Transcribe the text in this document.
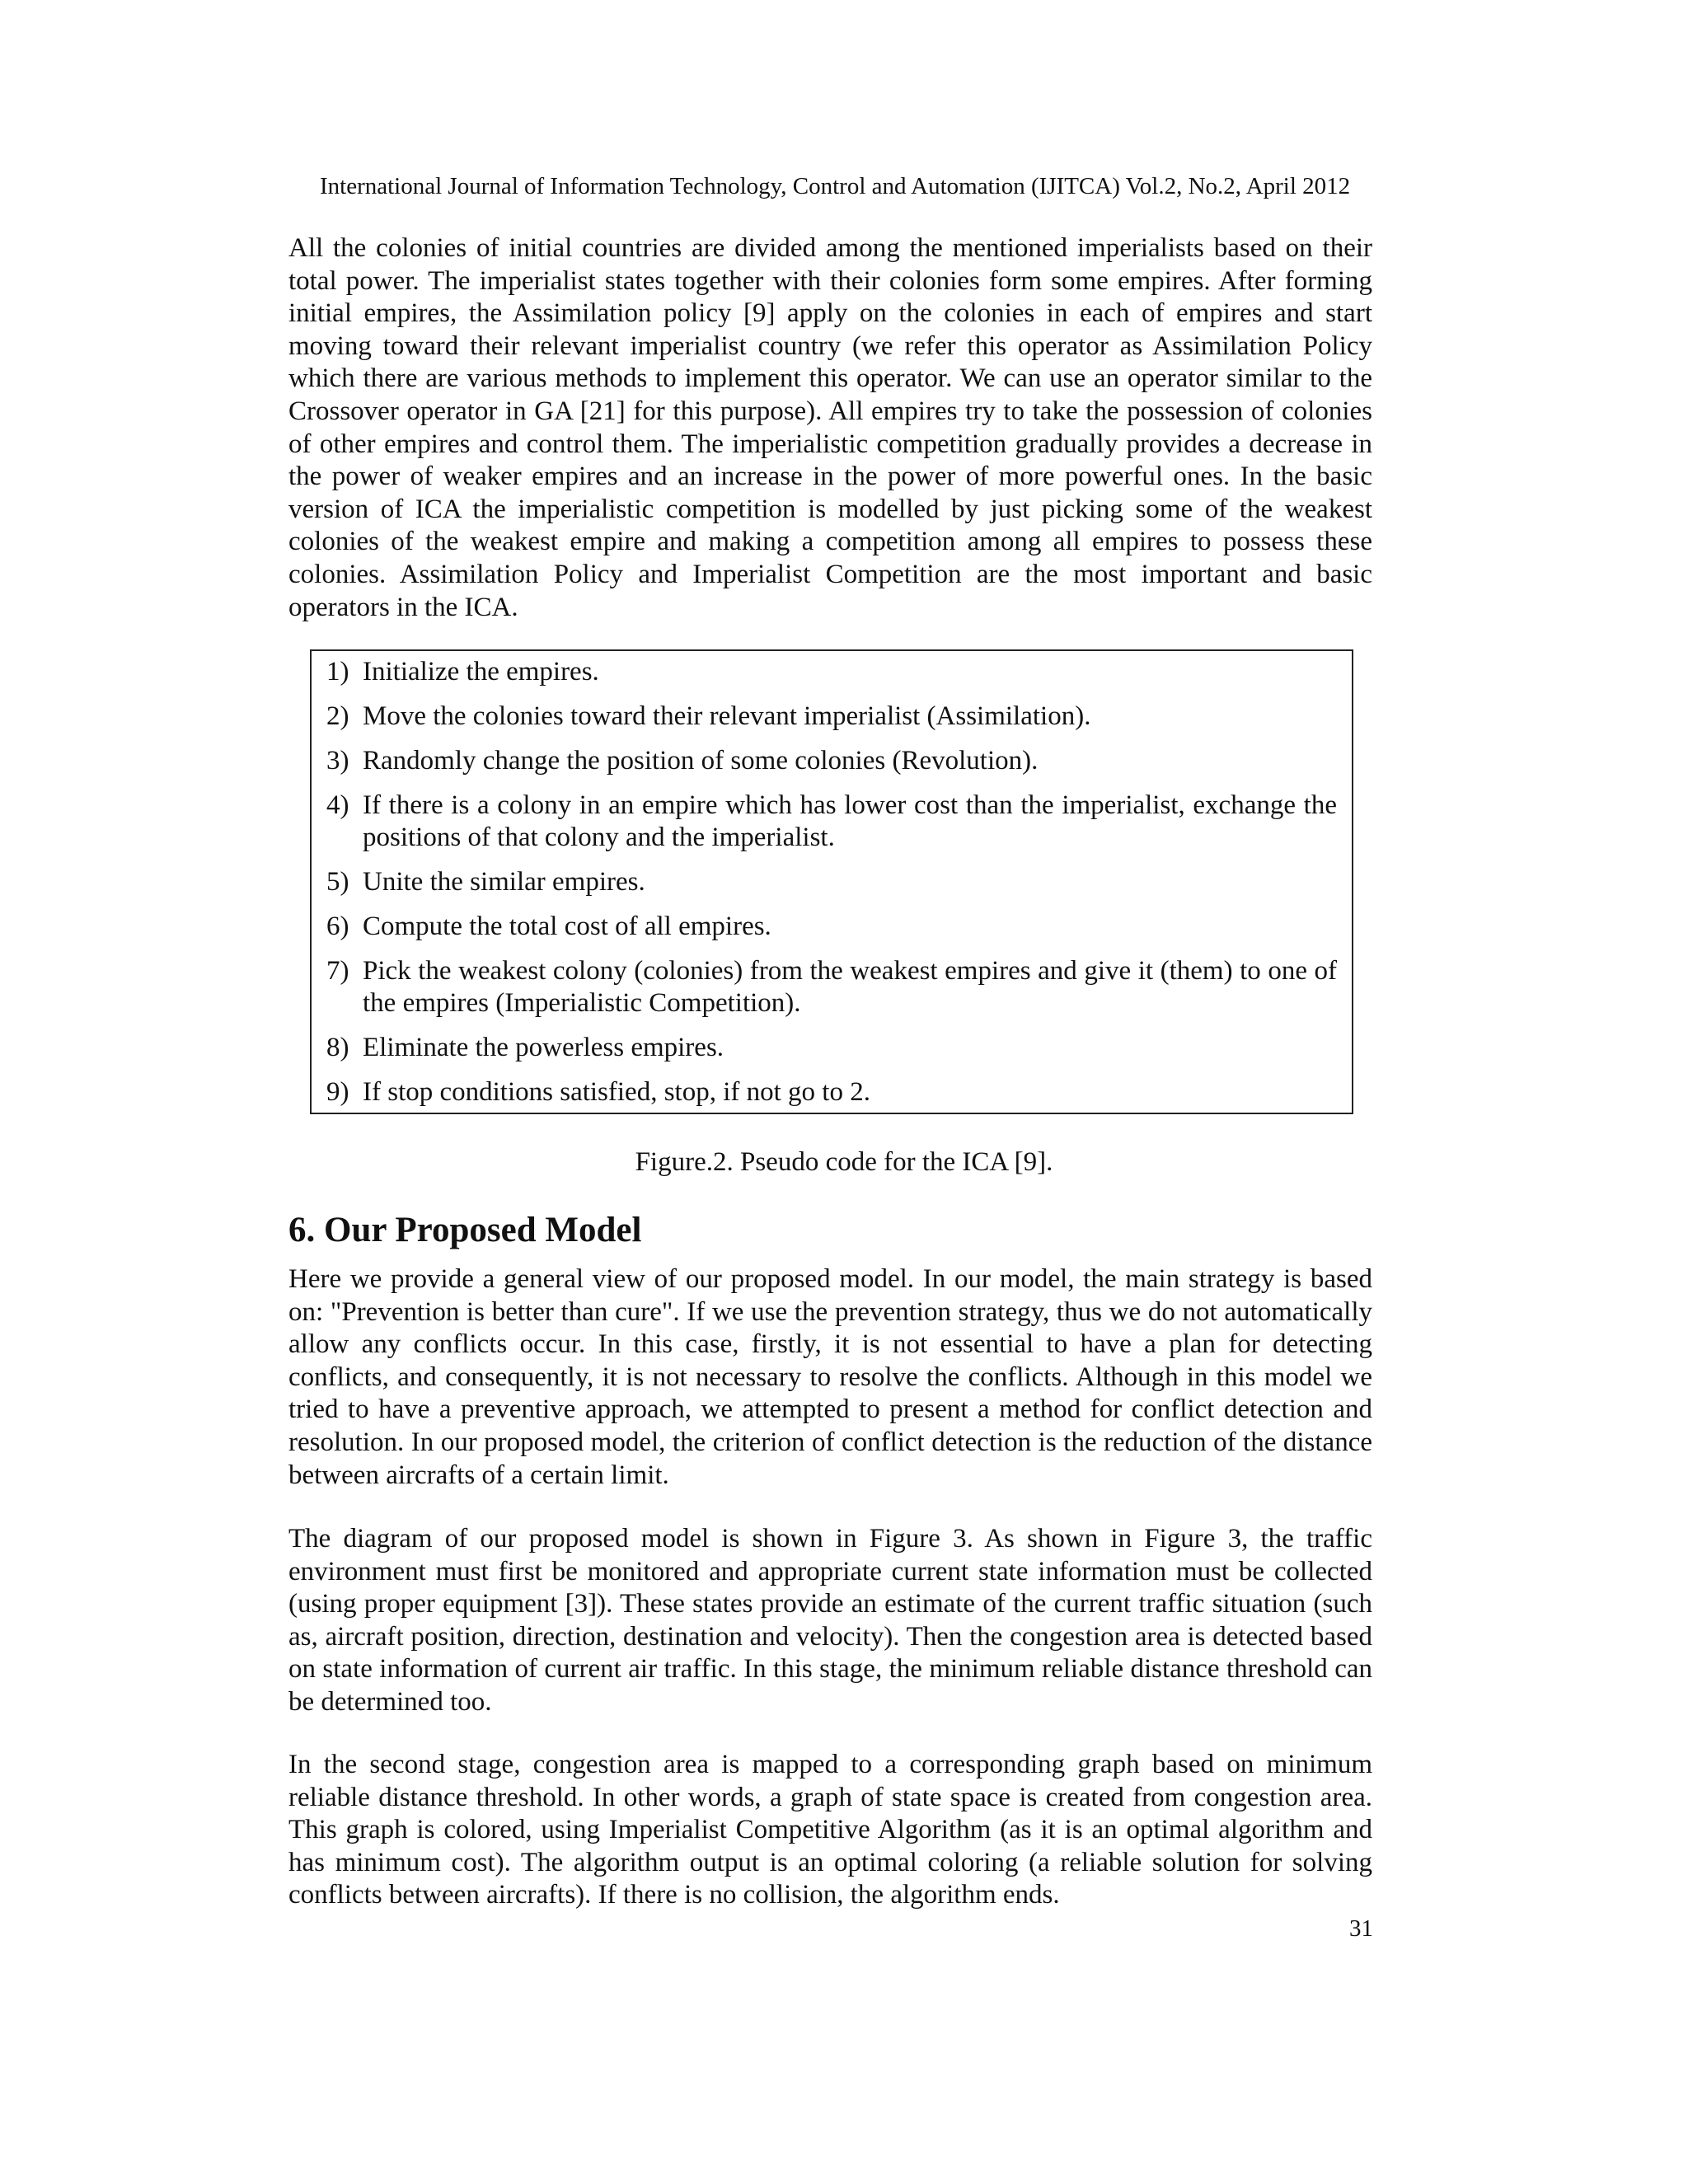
International Journal of Information Technology, Control and Automation (IJITCA) Vol.2, No.2, April 2012

All the colonies of initial countries are divided among the mentioned imperialists based on their total power. The imperialist states together with their colonies form some empires. After forming initial empires, the Assimilation policy [9] apply on the colonies in each of empires and start moving toward their relevant imperialist country (we refer this operator as Assimilation Policy which there are various methods to implement this operator. We can use an operator similar to the Crossover operator in GA [21] for this purpose). All empires try to take the possession of colonies of other empires and control them. The imperialistic competition gradually provides a decrease in the power of weaker empires and an increase in the power of more powerful ones. In the basic version of ICA the imperialistic competition is modelled by just picking some of the weakest colonies of the weakest empire and making a competition among all empires to possess these colonies. Assimilation Policy and Imperialist Competition are the most important and basic operators in the ICA.

1) Initialize the empires.
2) Move the colonies toward their relevant imperialist (Assimilation).
3) Randomly change the position of some colonies (Revolution).
4) If there is a colony in an empire which has lower cost than the imperialist, exchange the positions of that colony and the imperialist.
5) Unite the similar empires.
6) Compute the total cost of all empires.
7) Pick the weakest colony (colonies) from the weakest empires and give it (them) to one of the empires (Imperialistic Competition).
8) Eliminate the powerless empires.
9) If stop conditions satisfied, stop, if not go to 2.
Figure.2. Pseudo code for the ICA [9].
6. Our Proposed Model

Here we provide a general view of our proposed model. In our model, the main strategy is based on: "Prevention is better than cure". If we use the prevention strategy, thus we do not automatically allow any conflicts occur. In this case, firstly, it is not essential to have a plan for detecting conflicts, and consequently, it is not necessary to resolve the conflicts. Although in this model we tried to have a preventive approach, we attempted to present a method for conflict detection and resolution. In our proposed model, the criterion of conflict detection is the reduction of the distance between aircrafts of a certain limit.

The diagram of our proposed model is shown in Figure 3. As shown in Figure 3, the traffic environment must first be monitored and appropriate current state information must be collected (using proper equipment [3]). These states provide an estimate of the current traffic situation (such as, aircraft position, direction, destination and velocity). Then the congestion area is detected based on state information of current air traffic. In this stage, the minimum reliable distance threshold can be determined too.

In the second stage, congestion area is mapped to a corresponding graph based on minimum reliable distance threshold. In other words, a graph of state space is created from congestion area. This graph is colored, using Imperialist Competitive Algorithm (as it is an optimal algorithm and has minimum cost). The algorithm output is an optimal coloring (a reliable solution for solving conflicts between aircrafts). If there is no collision, the algorithm ends.

31
